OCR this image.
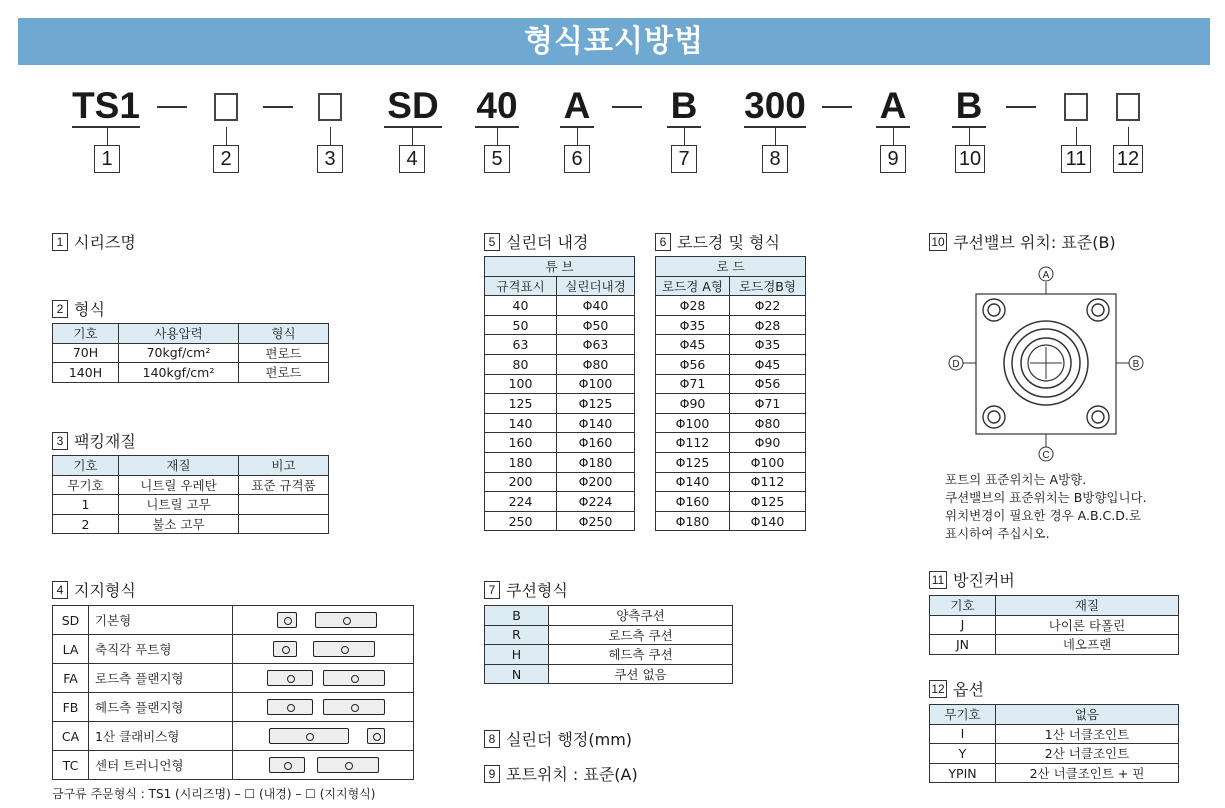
형식표시방법
TS1	SD 40 A B 300 A B
1	2	3	4	5	6	7	8	9	10	11 12
1 시리즈명
2 형식
기호	사용압력	형식
70H	70kgf/cm²	편로드
140H	140kgf/cm²	편로드
3 팩킹재질
기호	재질	비고
무기호	니트릴 우레탄	표준 규격품
1	니트릴 고무	
2	불소 고무	
4 지지형식
SD	기본형	
LA	축직각 푸트형	
FA	로드측 플랜지형	
FB	헤드측 플랜지형	
CA	1산 클래비스형	
TC	센터 트러니언형	
금구류 주문형식 : TS1 (시리즈명) – ☐ (내경) – ☐ (지지형식)
5 실린더 내경
튜 브	
규격표시	실린더내경
40	Φ40
50	Φ50
63	Φ63
80	Φ80
100	Φ100
125	Φ125
140	Φ140
160	Φ160
180	Φ180
200	Φ200
224	Φ224
250	Φ250
6 로드경 및 형식
로 드	
로드경 A형	로드경B형
Φ28	Φ22
Φ35	Φ28
Φ45	Φ35
Φ56	Φ45
Φ71	Φ56
Φ90	Φ71
Φ100	Φ80
Φ112	Φ90
Φ125	Φ100
Φ140	Φ112
Φ160	Φ125
Φ180	Φ140
7 쿠션형식
B	양측쿠션
R	로드측 쿠션
H	헤드측 쿠션
N	쿠션 없음
8 실린더 행정(mm)
9 포트위치 : 표준(A)
10 쿠션밸브 위치: 표준(B)
A
B
C
D
포트의 표준위치는 A방향.
쿠션밸브의 표준위치는 B방향입니다.
위치변경이 필요한 경우 A.B.C.D.로
표시하여 주십시오.
11 방진커버
기호	재질
J	나이론 타폴린
JN	네오프랜
12 옵션
무기호	없음
I	1산 너클조인트
Y	2산 너클조인트
YPIN	2산 너클조인트 + 핀
